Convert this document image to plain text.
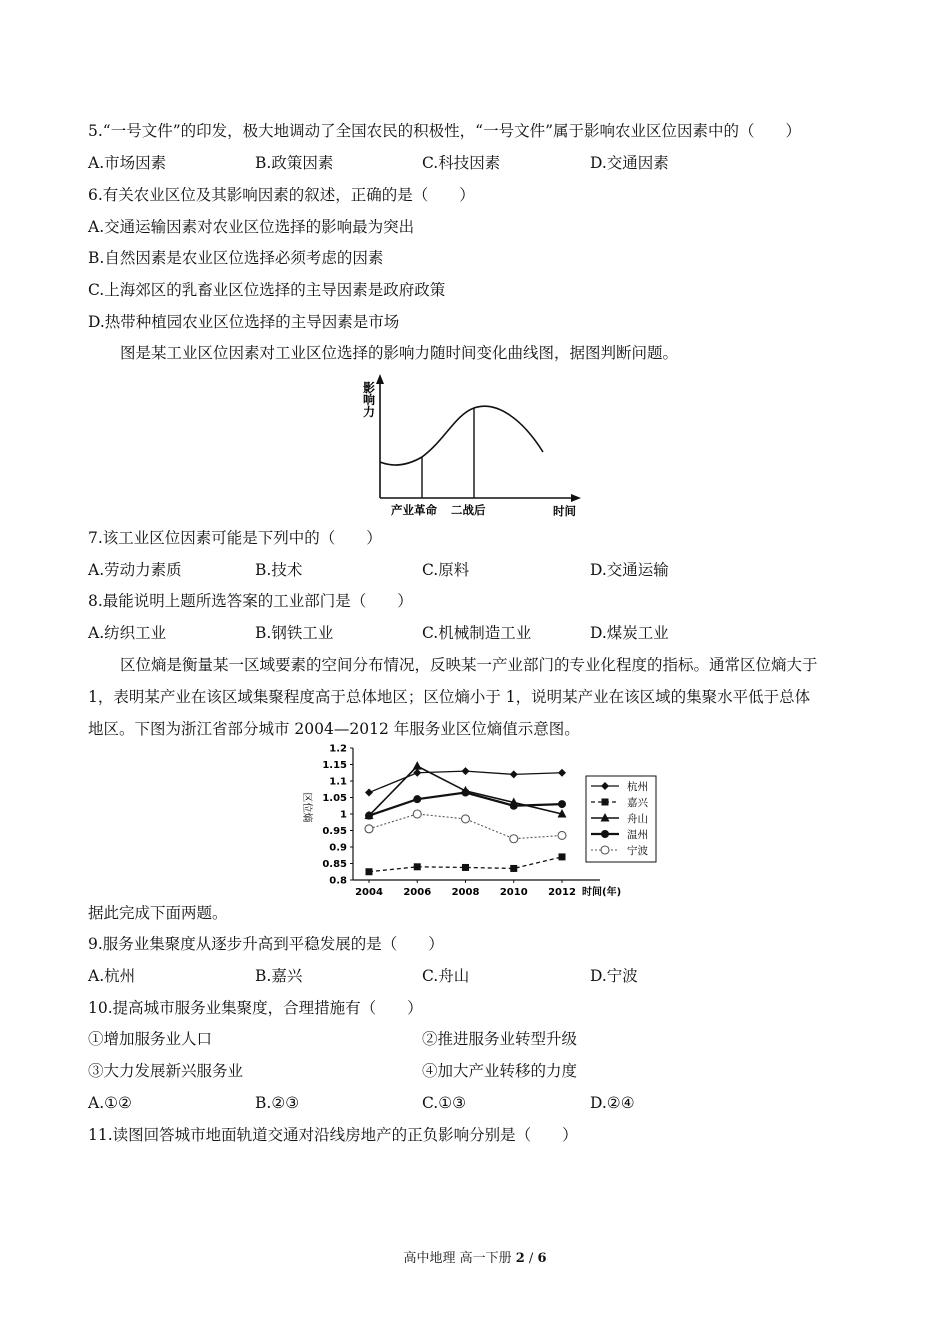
5.“一号文件”的印发，极大地调动了全国农民的积极性，“一号文件”属于影响农业区位因素中的（　　）
A.市场因素	B.政策因素	C.科技因素	D.交通因素
6.有关农业区位及其影响因素的叙述，正确的是（　　）
A.交通运输因素对农业区位选择的影响最为突出
B.自然因素是农业区位选择必须考虑的因素
C.上海郊区的乳畜业区位选择的主导因素是政府政策
D.热带种植园农业区位选择的主导因素是市场
图是某工业区位因素对工业区位选择的影响力随时间变化曲线图，据图判断问题。
影
响
力
产业革命 二战后	时间
7.该工业区位因素可能是下列中的（　　）
A.劳动力素质	B.技术	C.原料	D.交通运输
8.最能说明上题所选答案的工业部门是（　　）
A.纺织工业	B.钢铁工业	C.机械制造工业	D.煤炭工业
区位熵是衡量某一区域要素的空间分布情况，反映某一产业部门的专业化程度的指标。通常区位熵大于
1，表明某产业在该区域集聚程度高于总体地区；区位熵小于 1，说明某产业在该区域的集聚水平低于总体
地区。下图为浙江省部分城市 2004—2012 年服务业区位熵值示意图。
0.8
0.85
0.9
0.95
1
1.05
1.1
1.15
1.2
2004 2006 2008 2010 2012 时间(年)
区位熵
杭州
嘉兴
舟山
温州
宁波
据此完成下面两题。
9.服务业集聚度从逐步升高到平稳发展的是（　　）
A.杭州	B.嘉兴	C.舟山	D.宁波
10.提高城市服务业集聚度，合理措施有（　　）
①增加服务业人口	②推进服务业转型升级
③大力发展新兴服务业	④加大产业转移的力度
A.①②	B.②③	C.①③	D.②④
11.读图回答城市地面轨道交通对沿线房地产的正负影响分别是（　　）
高中地理 高一下册 2 / 6
